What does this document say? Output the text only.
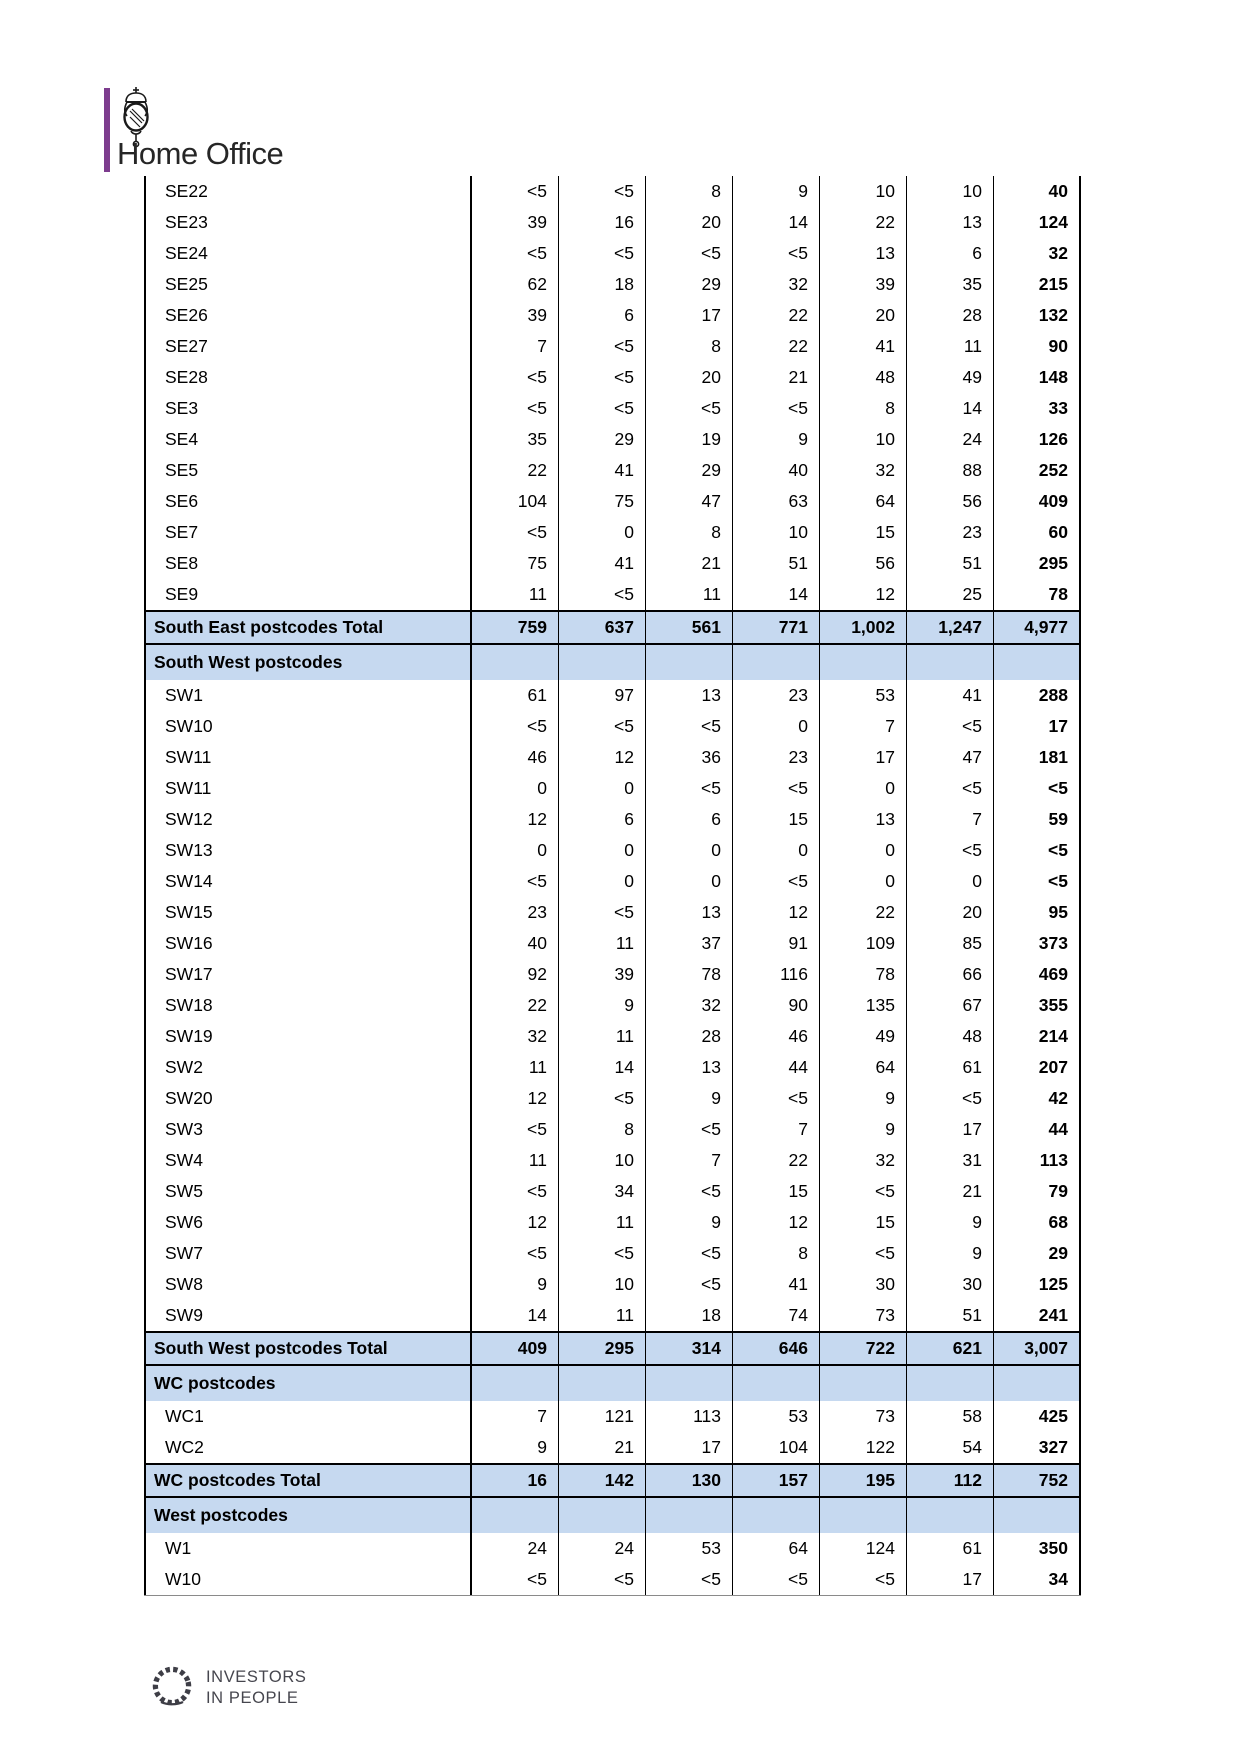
Home Office
SE22	<5	<5	8	9	10	10	40
SE23	39	16	20	14	22	13	124
SE24	<5	<5	<5	<5	13	6	32
SE25	62	18	29	32	39	35	215
SE26	39	6	17	22	20	28	132
SE27	7	<5	8	22	41	11	90
SE28	<5	<5	20	21	48	49	148
SE3	<5	<5	<5	<5	8	14	33
SE4	35	29	19	9	10	24	126
SE5	22	41	29	40	32	88	252
SE6	104	75	47	63	64	56	409
SE7	<5	0	8	10	15	23	60
SE8	75	41	21	51	56	51	295
SE9	11	<5	11	14	12	25	78
South East postcodes Total	759	637	561	771	1,002	1,247	4,977
South West postcodes
SW1	61	97	13	23	53	41	288
SW10	<5	<5	<5	0	7	<5	17
SW11	46	12	36	23	17	47	181
SW11	0	0	<5	<5	0	<5	<5
SW12	12	6	6	15	13	7	59
SW13	0	0	0	0	0	<5	<5
SW14	<5	0	0	<5	0	0	<5
SW15	23	<5	13	12	22	20	95
SW16	40	11	37	91	109	85	373
SW17	92	39	78	116	78	66	469
SW18	22	9	32	90	135	67	355
SW19	32	11	28	46	49	48	214
SW2	11	14	13	44	64	61	207
SW20	12	<5	9	<5	9	<5	42
SW3	<5	8	<5	7	9	17	44
SW4	11	10	7	22	32	31	113
SW5	<5	34	<5	15	<5	21	79
SW6	12	11	9	12	15	9	68
SW7	<5	<5	<5	8	<5	9	29
SW8	9	10	<5	41	30	30	125
SW9	14	11	18	74	73	51	241
South West postcodes Total	409	295	314	646	722	621	3,007
WC postcodes
WC1	7	121	113	53	73	58	425
WC2	9	21	17	104	122	54	327
WC postcodes Total	16	142	130	157	195	112	752
West postcodes
W1	24	24	53	64	124	61	350
W10	<5	<5	<5	<5	<5	17	34
INVESTORS
IN PEOPLE
